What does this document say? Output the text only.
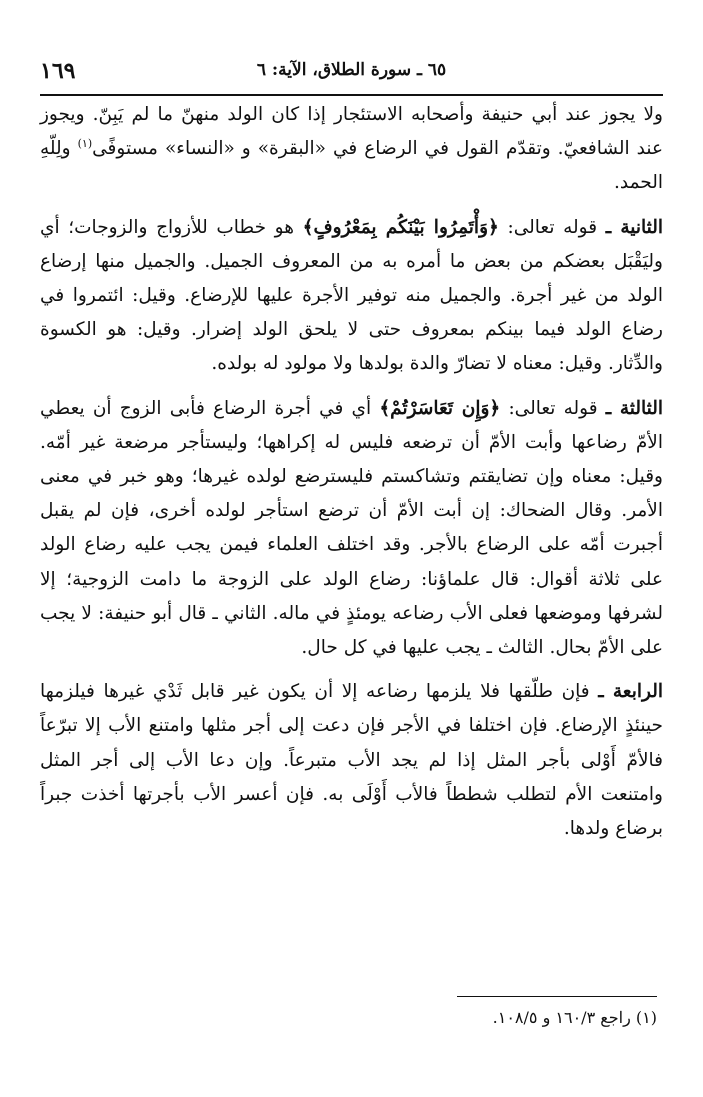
١٦٩	٦٥ ـ سورة الطلاق، الآية: ٦

ولا يجوز عند أبي حنيفة وأصحابه الاستئجار إذا كان الولد منهنّ ما لم يَبِنّ. ويجوز عند الشافعيّ. وتقدّم القول في الرضاع في «البقرة» و «النساء» مستوفًى$^{(١)}$ ولِلّهِ الحمد.

الثانية ـ قوله تعالى: ﴿وَأْتَمِرُوا بَيْنَكُم بِمَعْرُوفٍ﴾ هو خطاب للأزواج والزوجات؛ أي وليَقْبَل بعضكم من بعض ما أمره به من المعروف الجميل. والجميل منها إرضاع الولد من غير أجرة. والجميل منه توفير الأجرة عليها للإرضاع. وقيل: ائتمروا في رضاع الولد فيما بينكم بمعروف حتى لا يلحق الولد إضرار. وقيل: هو الكسوة والدِّثار. وقيل: معناه لا تضارّ والدة بولدها ولا مولود له بولده.

الثالثة ـ قوله تعالى: ﴿وَإِن تَعَاسَرْتُمْ﴾ أي في أجرة الرضاع فأبى الزوج أن يعطي الأمّ رضاعها وأبت الأمّ أن ترضعه فليس له إكراهها؛ وليستأجر مرضعة غير أمّه. وقيل: معناه وإن تضايقتم وتشاكستم فليسترضع لولده غيرها؛ وهو خبر في معنى الأمر. وقال الضحاك: إن أبت الأمّ أن ترضع استأجر لولده أخرى، فإن لم يقبل أجبرت أمّه على الرضاع بالأجر. وقد اختلف العلماء فيمن يجب عليه رضاع الولد على ثلاثة أقوال: قال علماؤنا: رضاع الولد على الزوجة ما دامت الزوجية؛ إلا لشرفها وموضعها فعلى الأب رضاعه يومئذٍ في ماله. الثاني ـ قال أبو حنيفة: لا يجب على الأمّ بحال. الثالث ـ يجب عليها في كل حال.

الرابعة ـ فإن طلّقها فلا يلزمها رضاعه إلا أن يكون غير قابل ثَدْي غيرها فيلزمها حينئذٍ الإرضاع. فإن اختلفا في الأجر فإن دعت إلى أجر مثلها وامتنع الأب إلا تبرّعاً فالأمّ أَوْلى بأجر المثل إذا لم يجد الأب متبرعاً. وإن دعا الأب إلى أجر المثل وامتنعت الأم لتطلب شططاً فالأب أَوْلَى به. فإن أعسر الأب بأجرتها أخذت جبراً برضاع ولدها.

(١) راجع ١٦٠/٣ و ١٠٨/٥.
